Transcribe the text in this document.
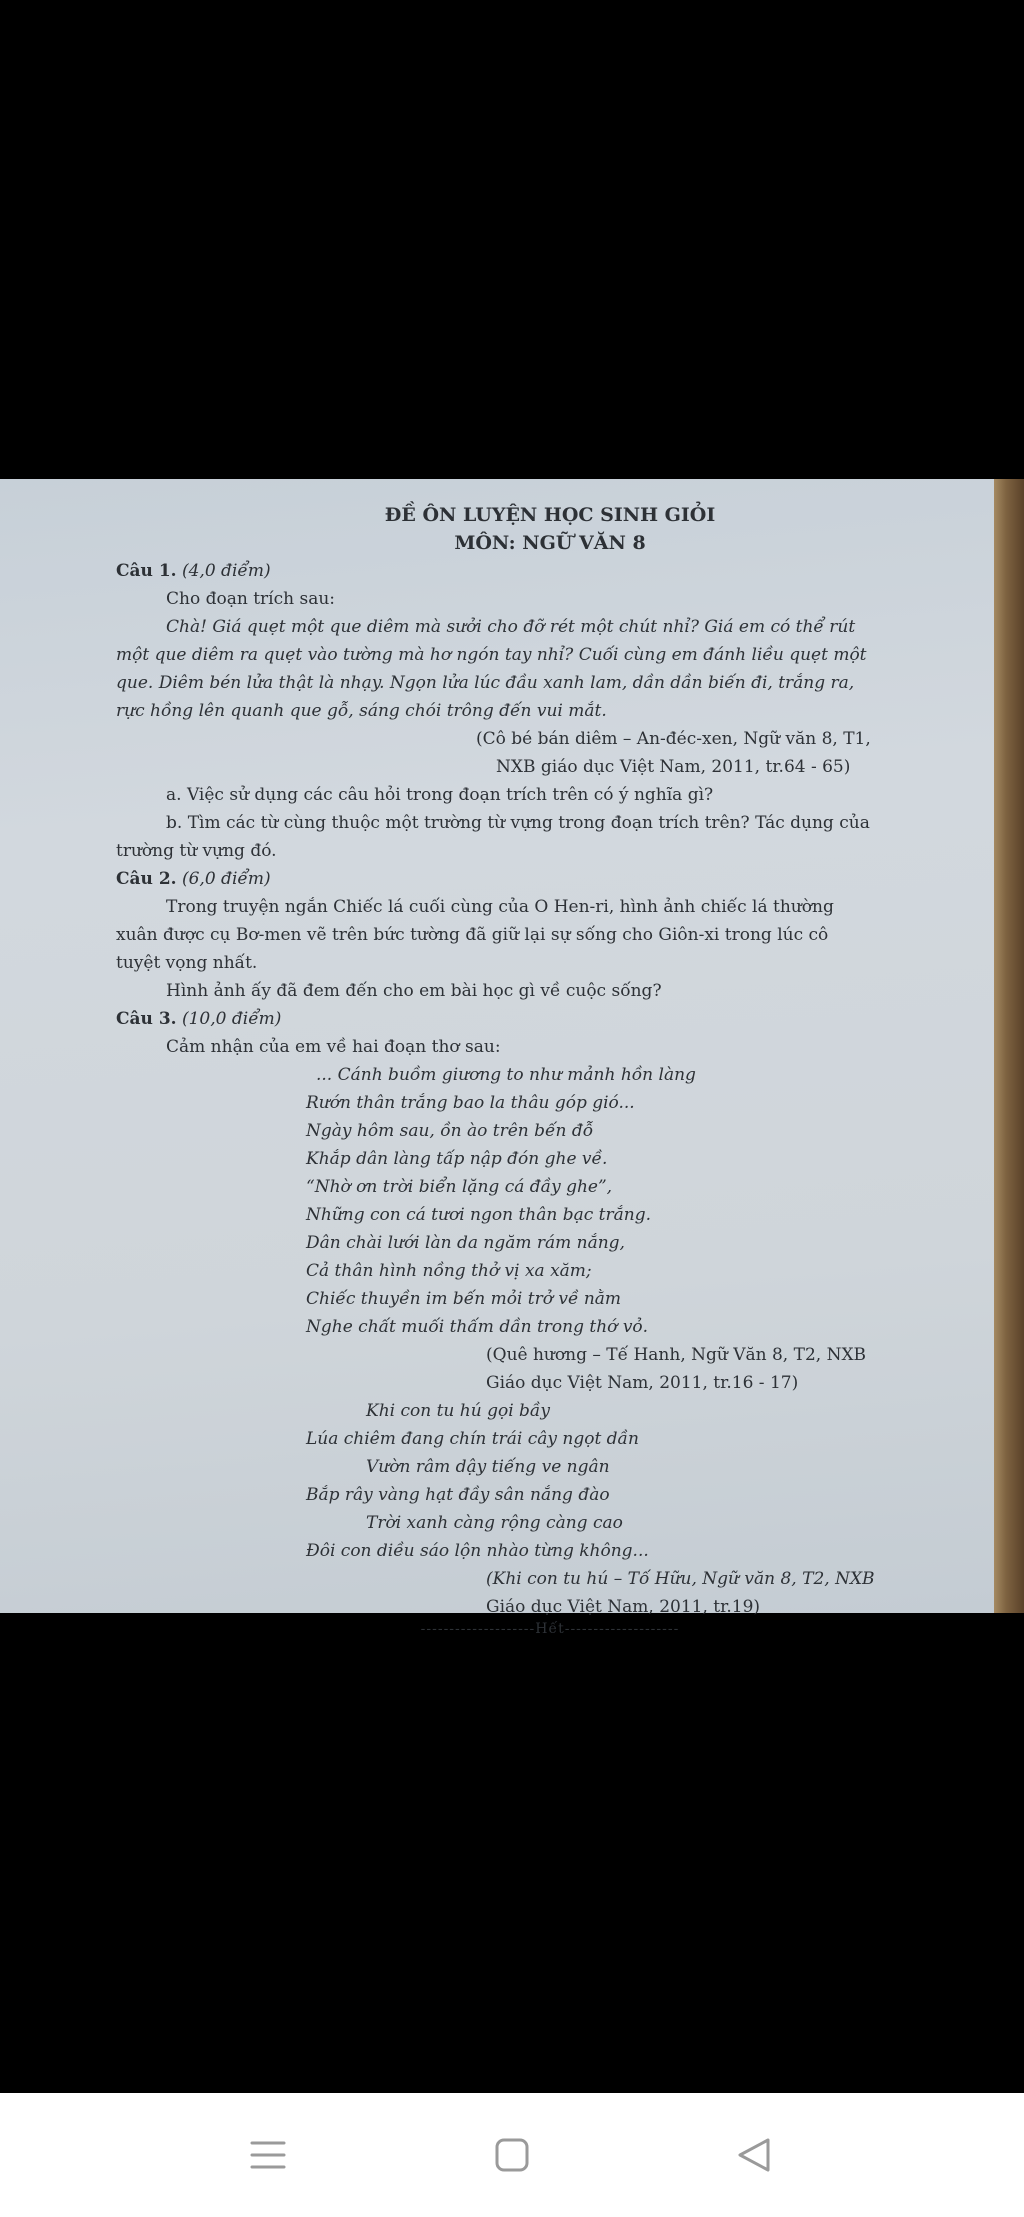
ĐỀ ÔN LUYỆN HỌC SINH GIỎI
MÔN: NGỮ VĂN 8

Câu 1. (4,0 điểm)

Cho đoạn trích sau:

Chà! Giá quẹt một que diêm mà sưởi cho đỡ rét một chút nhỉ? Giá em có thể rút

một que diêm ra quẹt vào tường mà hơ ngón tay nhỉ? Cuối cùng em đánh liều quẹt một

que. Diêm bén lửa thật là nhạy. Ngọn lửa lúc đầu xanh lam, dần dần biến đi, trắng ra,

rực hồng lên quanh que gỗ, sáng chói trông đến vui mắt.

(Cô bé bán diêm – An-đéc-xen, Ngữ văn 8, T1,

NXB giáo dục Việt Nam, 2011, tr.64 - 65)

a. Việc sử dụng các câu hỏi trong đoạn trích trên có ý nghĩa gì?

b. Tìm các từ cùng thuộc một trường từ vựng trong đoạn trích trên? Tác dụng của

trường từ vựng đó.

Câu 2. (6,0 điểm)

Trong truyện ngắn Chiếc lá cuối cùng của O Hen-ri, hình ảnh chiếc lá thường

xuân được cụ Bơ-men vẽ trên bức tường đã giữ lại sự sống cho Giôn-xi trong lúc cô

tuyệt vọng nhất.

Hình ảnh ấy đã đem đến cho em bài học gì về cuộc sống?

Câu 3. (10,0 điểm)

Cảm nhận của em về hai đoạn thơ sau:

... Cánh buồm giương to như mảnh hồn làng

Rướn thân trắng bao la thâu góp gió...

Ngày hôm sau, ồn ào trên bến đỗ

Khắp dân làng tấp nập đón ghe về.

“Nhờ ơn trời biển lặng cá đầy ghe”,

Những con cá tươi ngon thân bạc trắng.

Dân chài lưới làn da ngăm rám nắng,

Cả thân hình nồng thở vị xa xăm;

Chiếc thuyền im bến mỏi trở về nằm

Nghe chất muối thấm dần trong thớ vỏ.

(Quê hương – Tế Hanh, Ngữ Văn 8, T2, NXB

Giáo dục Việt Nam, 2011, tr.16 - 17)

Khi con tu hú gọi bầy

Lúa chiêm đang chín trái cây ngọt dần

Vườn râm dậy tiếng ve ngân

Bắp rây vàng hạt đầy sân nắng đào

Trời xanh càng rộng càng cao

Đôi con diều sáo lộn nhào từng không...

(Khi con tu hú – Tố Hữu, Ngữ văn 8, T2, NXB

Giáo dục Việt Nam, 2011, tr.19)

--------------------Hết--------------------
